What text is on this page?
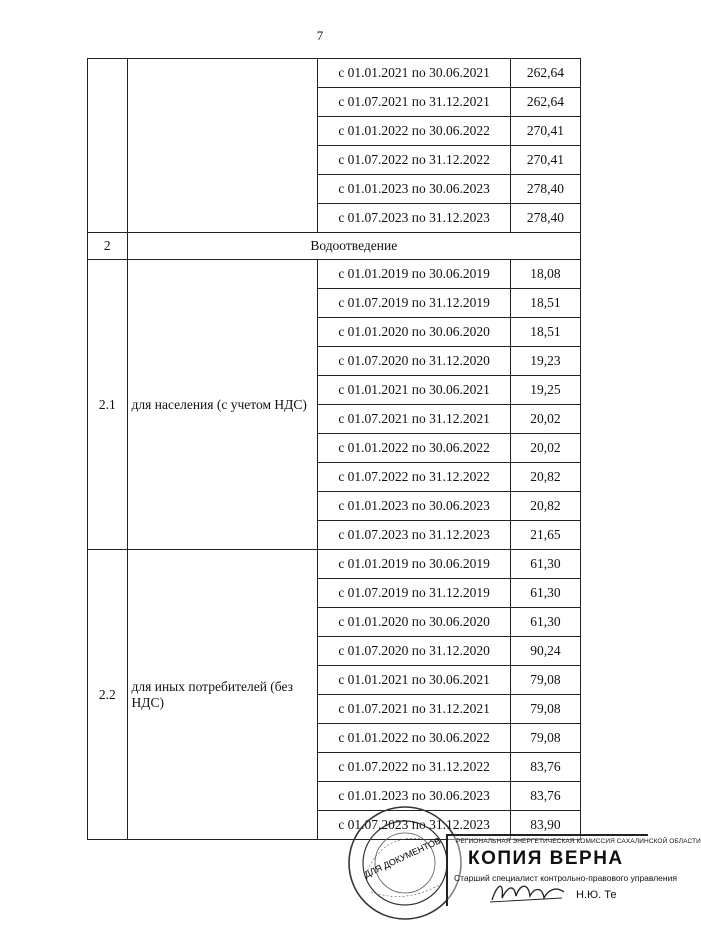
7
		с 01.01.2021 по 30.06.2021	262,64
		с 01.07.2021 по 31.12.2021	262,64
		с 01.01.2022 по 30.06.2022	270,41
		с 01.07.2022 по 31.12.2022	270,41
		с 01.01.2023 по 30.06.2023	278,40
		с 01.07.2023 по 31.12.2023	278,40
2	Водоотведение		
2.1	для населения (с учетом НДС)	с 01.01.2019 по 30.06.2019	18,08
		с 01.07.2019 по 31.12.2019	18,51
		с 01.01.2020 по 30.06.2020	18,51
		с 01.07.2020 по 31.12.2020	19,23
		с 01.01.2021 по 30.06.2021	19,25
		с 01.07.2021 по 31.12.2021	20,02
		с 01.01.2022 по 30.06.2022	20,02
		с 01.07.2022 по 31.12.2022	20,82
		с 01.01.2023 по 30.06.2023	20,82
		с 01.07.2023 по 31.12.2023	21,65
2.2	для иных потребителей (без НДС)	с 01.01.2019 по 30.06.2019	61,30
		с 01.07.2019 по 31.12.2019	61,30
		с 01.01.2020 по 30.06.2020	61,30
		с 01.07.2020 по 31.12.2020	90,24
		с 01.01.2021 по 30.06.2021	79,08
		с 01.07.2021 по 31.12.2021	79,08
		с 01.01.2022 по 30.06.2022	79,08
		с 01.07.2022 по 31.12.2022	83,76
		с 01.01.2023 по 30.06.2023	83,76
		с 01.07.2023 по 31.12.2023	83,90
ДЛЯ ДОКУМЕНТОВ РЕГИОНАЛЬНАЯ ЭНЕРГЕТИЧЕСКАЯ КОМИССИЯ САХАЛИНСКОЙ ОБЛАСТИ
КОПИЯ ВЕРНА
Старший специалист контрольно-правового управления
Н.Ю. Те
